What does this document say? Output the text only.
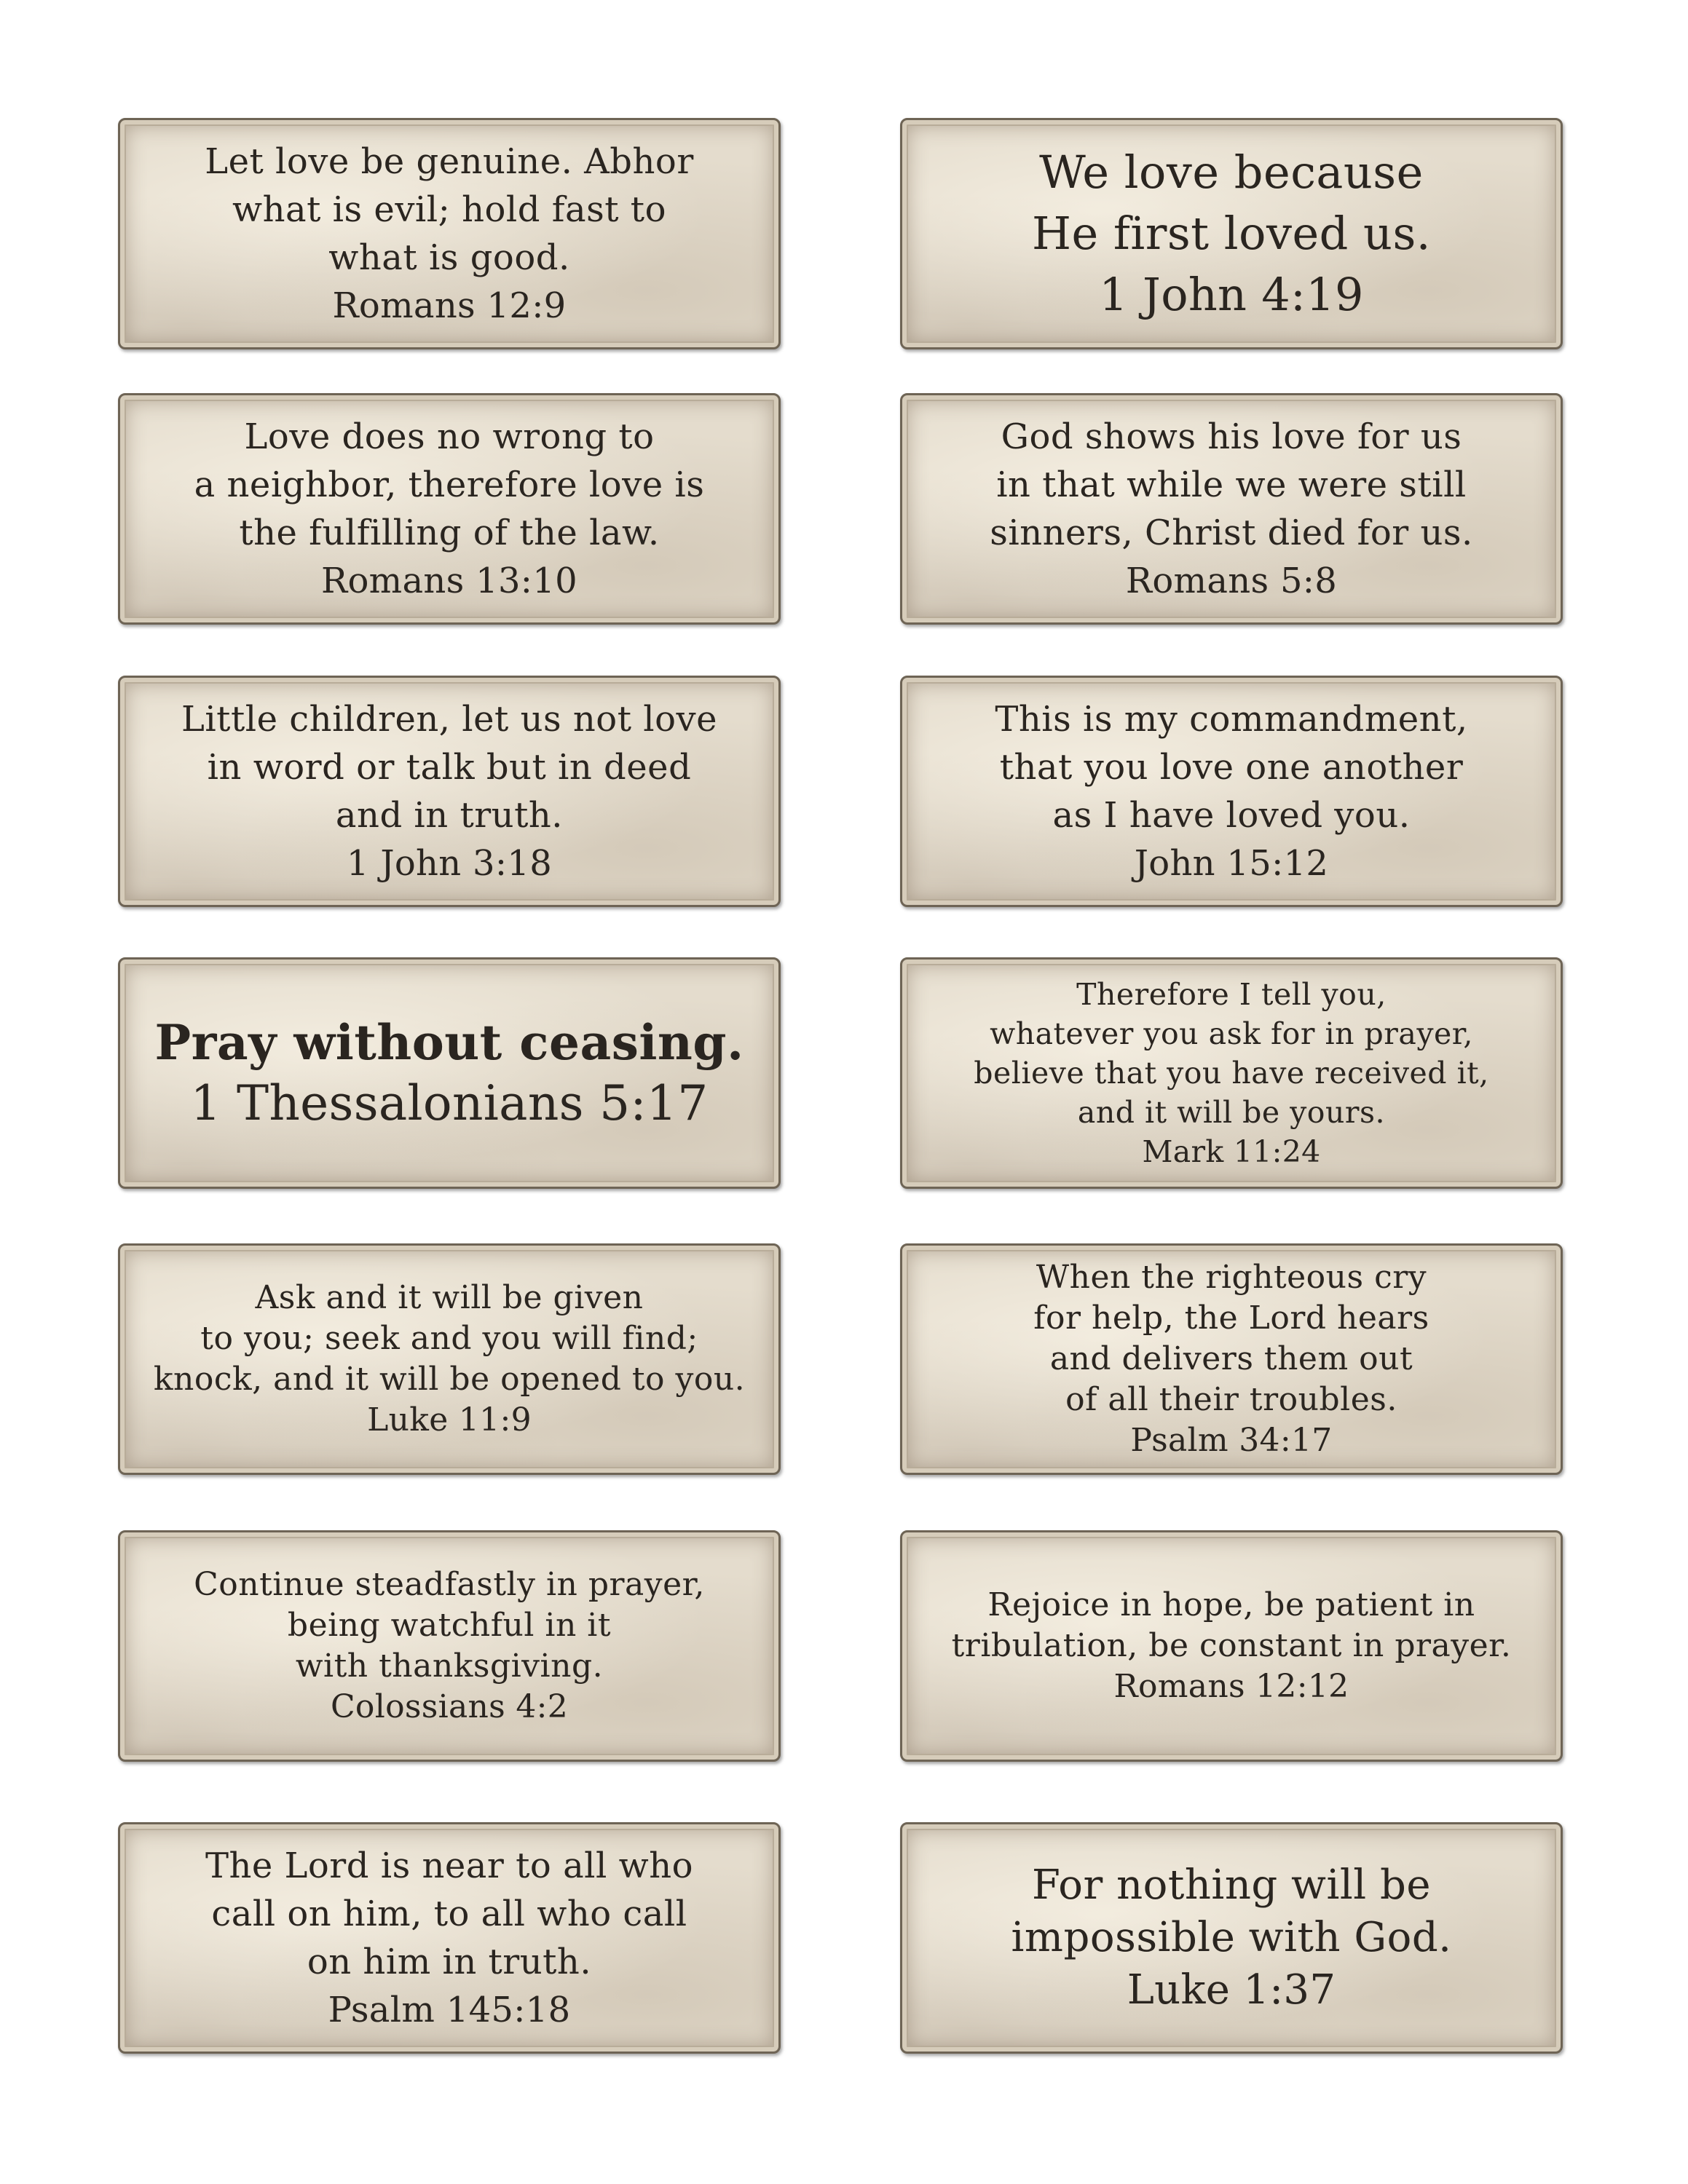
Let love be genuine. Abhor
what is evil; hold fast to
what is good.
Romans 12:9
We love because
He first loved us.
1 John 4:19
Love does no wrong to
a neighbor, therefore love is
the fulfilling of the law.
Romans 13:10
God shows his love for us
in that while we were still
sinners, Christ died for us.
Romans 5:8
Little children, let us not love
in word or talk but in deed
and in truth.
1 John 3:18
This is my commandment,
that you love one another
as I have loved you.
John 15:12
Pray without ceasing.
1 Thessalonians 5:17
Therefore I tell you,
whatever you ask for in prayer,
believe that you have received it,
and it will be yours.
Mark 11:24
Ask and it will be given
to you; seek and you will find;
knock, and it will be opened to you.
Luke 11:9
When the righteous cry
for help, the Lord hears
and delivers them out
of all their troubles.
Psalm 34:17
Continue steadfastly in prayer,
being watchful in it
with thanksgiving.
Colossians 4:2
Rejoice in hope, be patient in
tribulation, be constant in prayer.
Romans 12:12
The Lord is near to all who
call on him, to all who call
on him in truth.
Psalm 145:18
For nothing will be
impossible with God.
Luke 1:37
